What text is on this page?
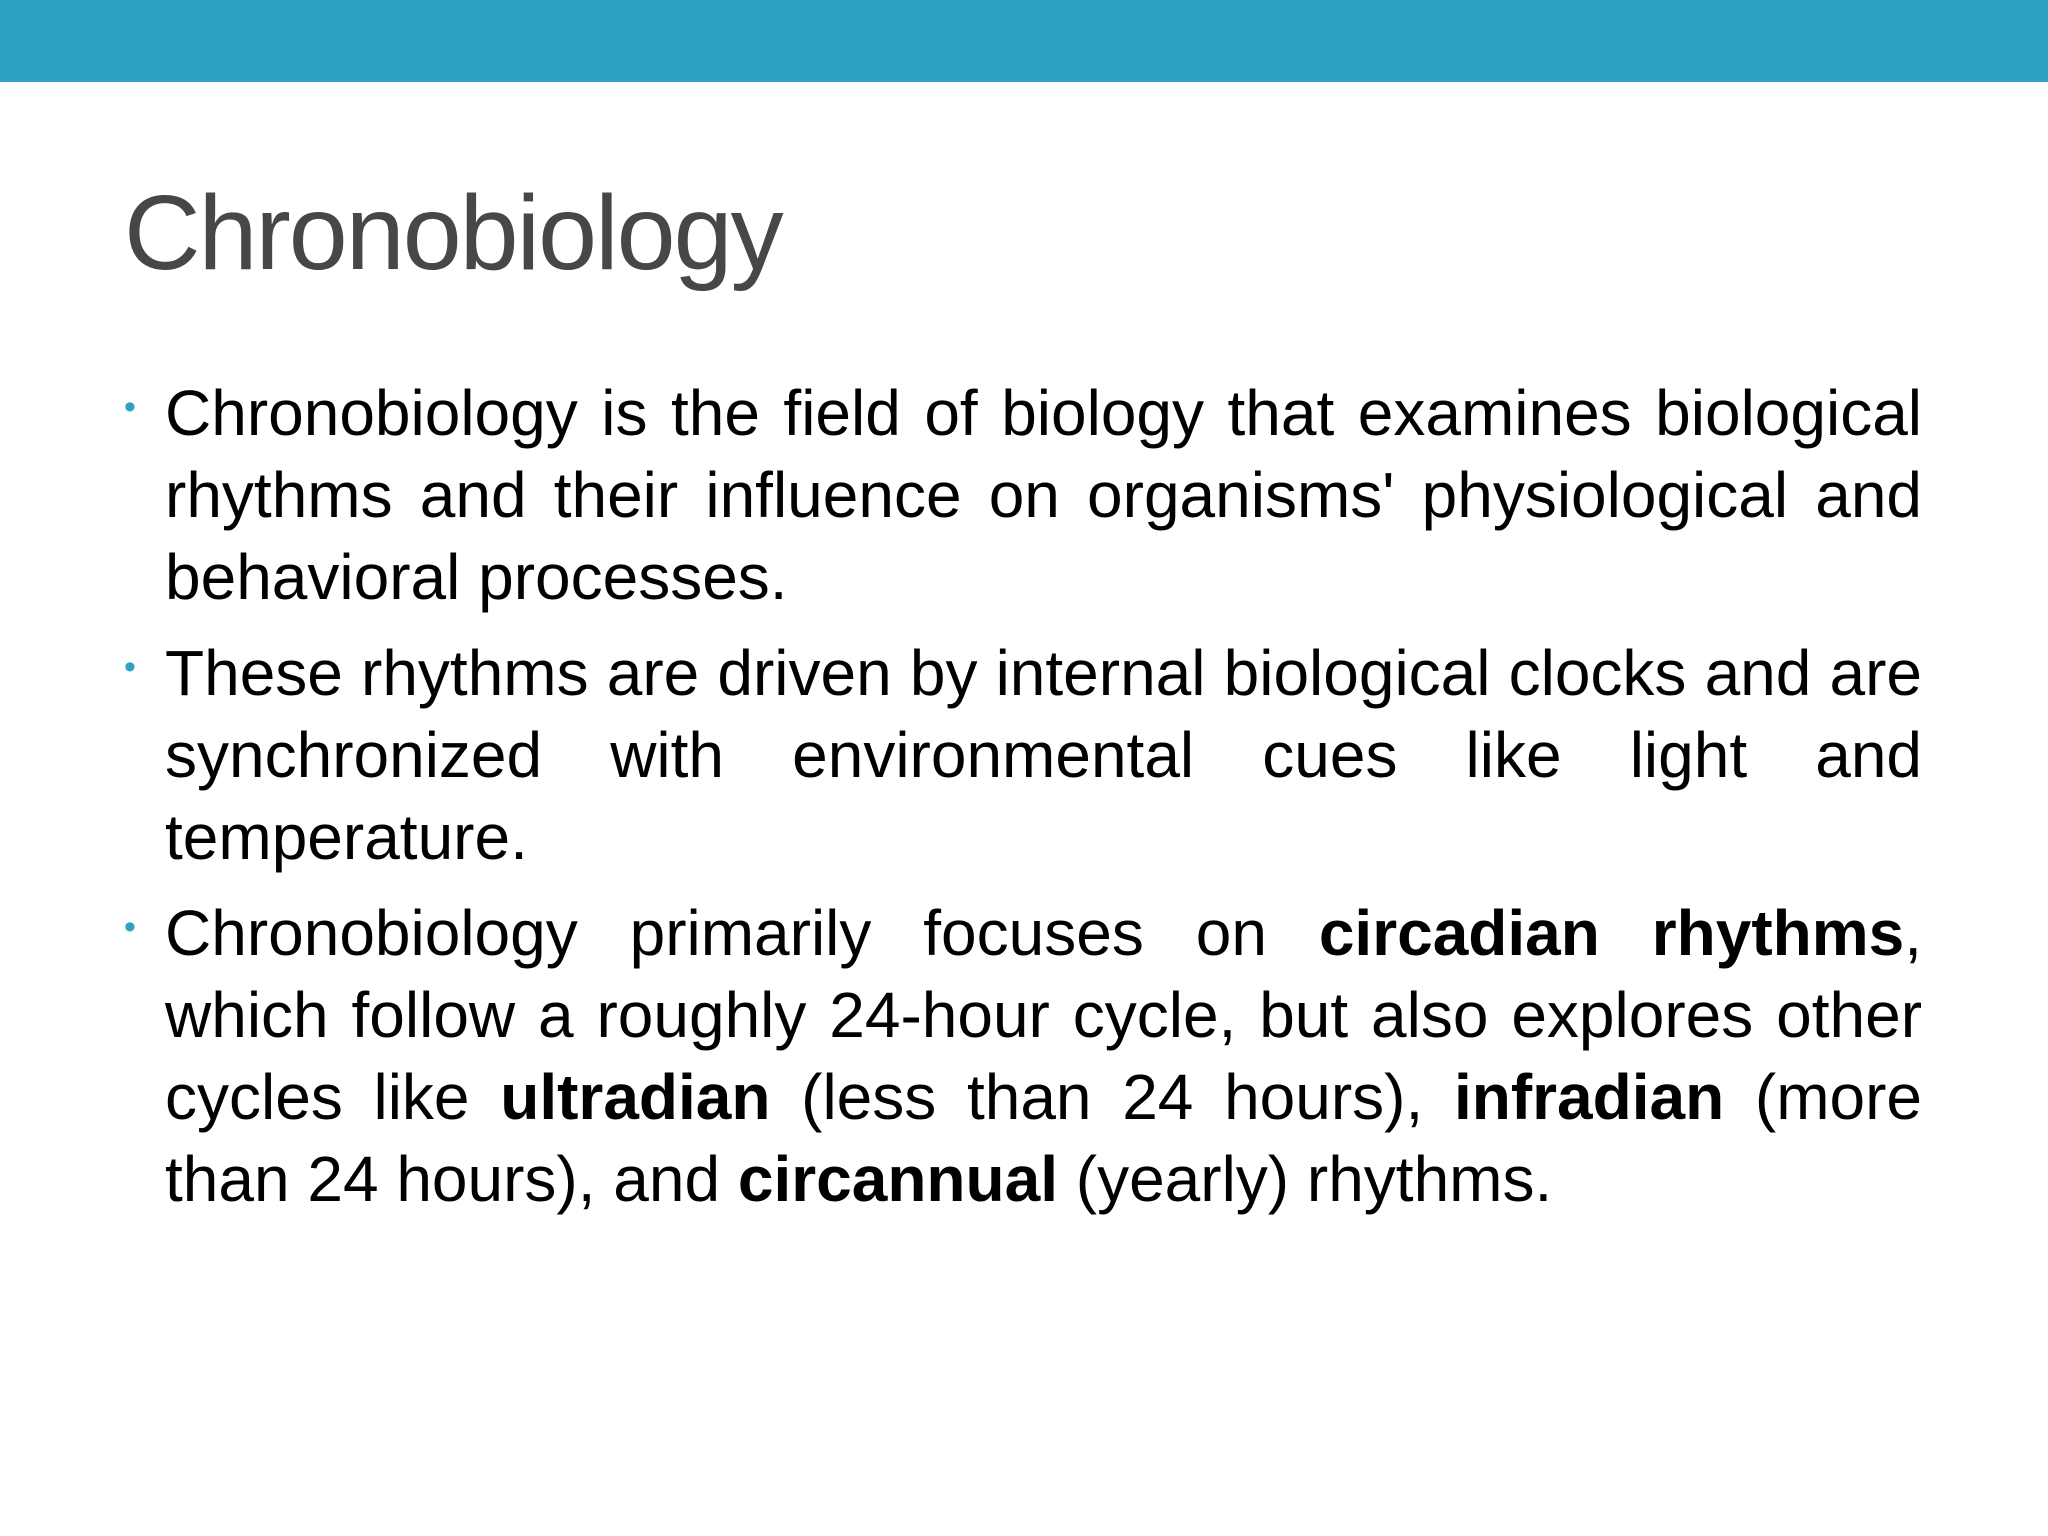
Chronobiology
• Chronobiology is the field of biology that examines biological rhythms and their influence on organisms' physiological and behavioral processes.
• These rhythms are driven by internal biological clocks and are synchronized with environmental cues like light and temperature.
• Chronobiology primarily focuses on circadian rhythms, which follow a roughly 24-hour cycle, but also explores other cycles like ultradian (less than 24 hours), infradian (more than 24 hours), and circannual (yearly) rhythms.
